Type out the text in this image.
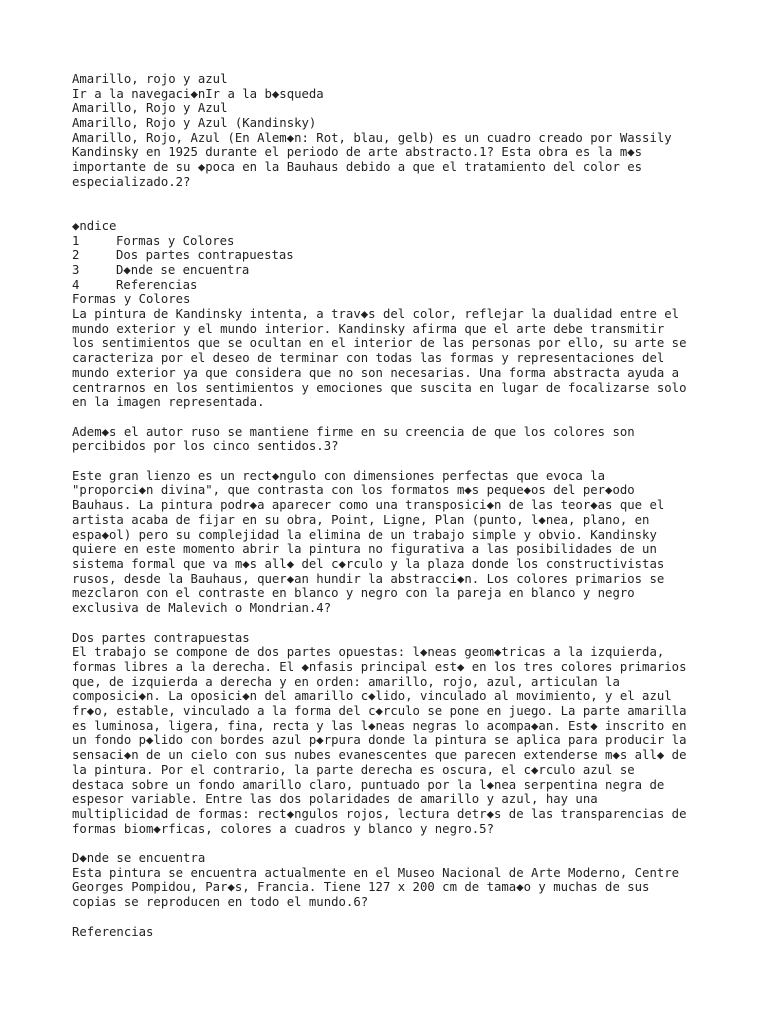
Amarillo, rojo y azul
Ir a la navegaci◆nIr a la b◆squeda
Amarillo, Rojo y Azul
Amarillo, Rojo y Azul (Kandinsky)
Amarillo, Rojo, Azul (En Alem◆n: Rot, blau, gelb) es un cuadro creado por Wassily
Kandinsky en 1925 durante el periodo de arte abstracto.1? Esta obra es la m◆s
importante de su ◆poca en la Bauhaus debido a que el tratamiento del color es
especializado.2?
◆ndice
1	Formas y Colores
2	Dos partes contrapuestas
3	D◆nde se encuentra
4	Referencias
Formas y Colores
La pintura de Kandinsky intenta, a trav◆s del color, reflejar la dualidad entre el
mundo exterior y el mundo interior. Kandinsky afirma que el arte debe transmitir
los sentimientos que se ocultan en el interior de las personas por ello, su arte se
caracteriza por el deseo de terminar con todas las formas y representaciones del
mundo exterior ya que considera que no son necesarias. Una forma abstracta ayuda a
centrarnos en los sentimientos y emociones que suscita en lugar de focalizarse solo
en la imagen representada.
Adem◆s el autor ruso se mantiene firme en su creencia de que los colores son
percibidos por los cinco sentidos.3?
Este gran lienzo es un rect◆ngulo con dimensiones perfectas que evoca la
"proporci◆n divina", que contrasta con los formatos m◆s peque◆os del per◆odo
Bauhaus. La pintura podr◆a aparecer como una transposici◆n de las teor◆as que el
artista acaba de fijar en su obra, Point, Ligne, Plan (punto, l◆nea, plano, en
espa◆ol) pero su complejidad la elimina de un trabajo simple y obvio. Kandinsky
quiere en este momento abrir la pintura no figurativa a las posibilidades de un
sistema formal que va m◆s all◆ del c◆rculo y la plaza donde los constructivistas
rusos, desde la Bauhaus, quer◆an hundir la abstracci◆n. Los colores primarios se
mezclaron con el contraste en blanco y negro con la pareja en blanco y negro
exclusiva de Malevich o Mondrian.4?
Dos partes contrapuestas
El trabajo se compone de dos partes opuestas: l◆neas geom◆tricas a la izquierda,
formas libres a la derecha. El ◆nfasis principal est◆ en los tres colores primarios
que, de izquierda a derecha y en orden: amarillo, rojo, azul, articulan la
composici◆n. La oposici◆n del amarillo c◆lido, vinculado al movimiento, y el azul
fr◆o, estable, vinculado a la forma del c◆rculo se pone en juego. La parte amarilla
es luminosa, ligera, fina, recta y las l◆neas negras lo acompa◆an. Est◆ inscrito en
un fondo p◆lido con bordes azul p◆rpura donde la pintura se aplica para producir la
sensaci◆n de un cielo con sus nubes evanescentes que parecen extenderse m◆s all◆ de
la pintura. Por el contrario, la parte derecha es oscura, el c◆rculo azul se
destaca sobre un fondo amarillo claro, puntuado por la l◆nea serpentina negra de
espesor variable. Entre las dos polaridades de amarillo y azul, hay una
multiplicidad de formas: rect◆ngulos rojos, lectura detr◆s de las transparencias de
formas biom◆rficas, colores a cuadros y blanco y negro.5?
D◆nde se encuentra
Esta pintura se encuentra actualmente en el Museo Nacional de Arte Moderno, Centre
Georges Pompidou, Par◆s, Francia. Tiene 127 x 200 cm de tama◆o y muchas de sus
copias se reproducen en todo el mundo.6?
Referencias
